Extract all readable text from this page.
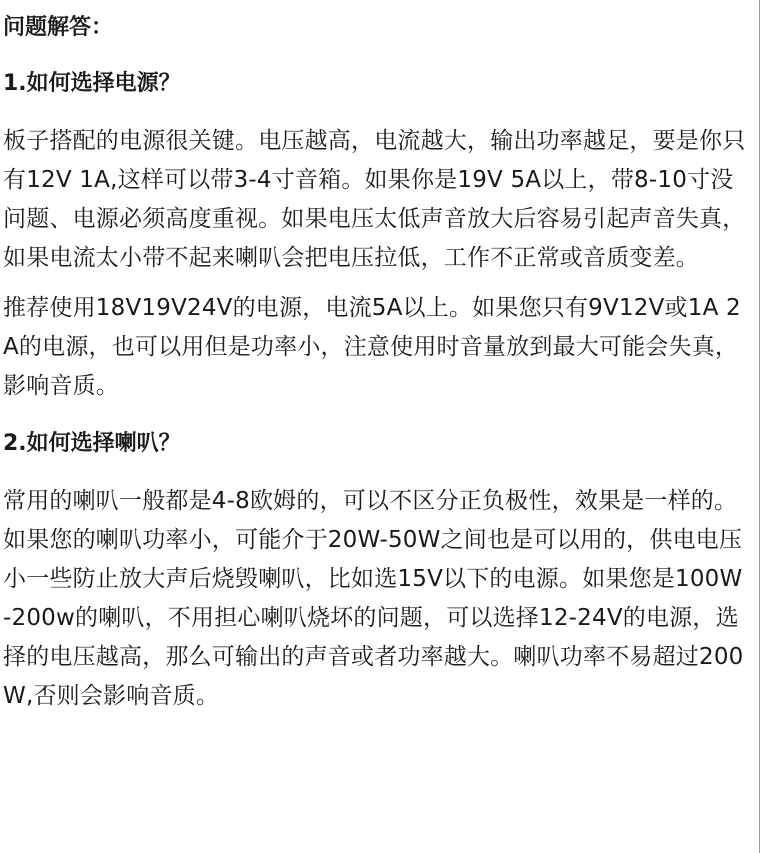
问题解答：
1.如何选择电源？

板子搭配的电源很关键。电压越高，电流越大，输出功率越足，要是你只有12V 1A,这样可以带3-4寸音箱。如果你是19V 5A以上，带8-10寸没问题、电源必须高度重视。如果电压太低声音放大后容易引起声音失真，如果电流太小带不起来喇叭会把电压拉低，工作不正常或音质变差。

推荐使用18V19V24V的电源，电流5A以上。如果您只有9V12V或1A 2A的电源，也可以用但是功率小，注意使用时音量放到最大可能会失真，影响音质。

2.如何选择喇叭？

常用的喇叭一般都是4-8欧姆的，可以不区分正负极性，效果是一样的。如果您的喇叭功率小，可能介于20W-50W之间也是可以用的，供电电压小一些防止放大声后烧毁喇叭，比如选15V以下的电源。如果您是100W -200w的喇叭，不用担心喇叭烧坏的问题，可以选择12-24V的电源，选择的电压越高，那么可输出的声音或者功率越大。喇叭功率不易超过200W,否则会影响音质。
